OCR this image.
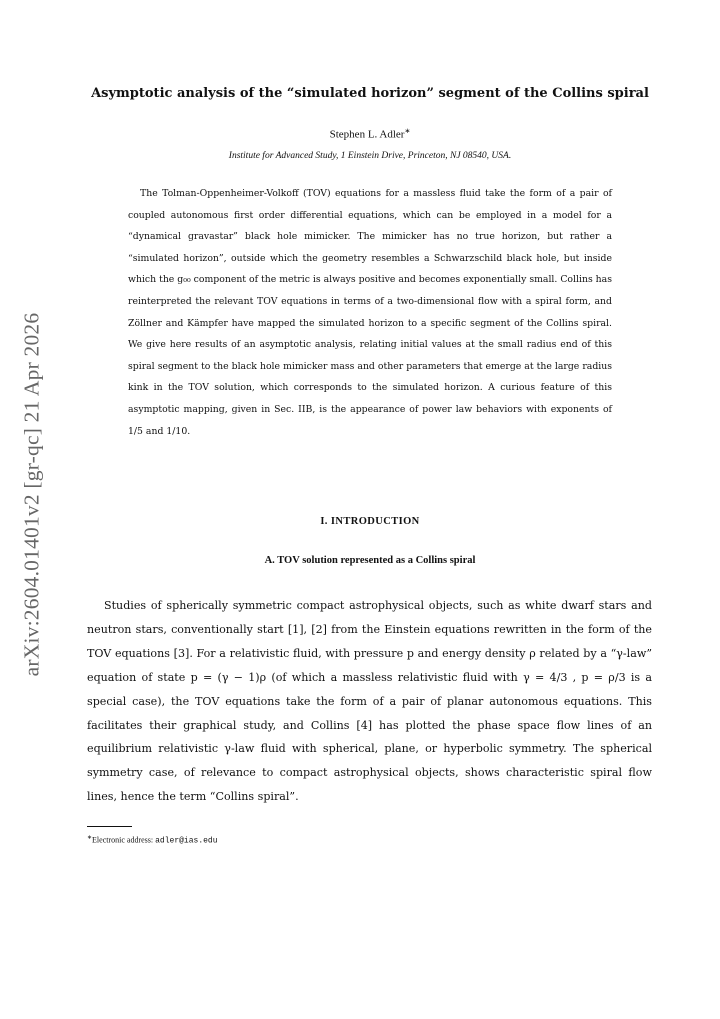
arXiv:2604.01401v2 [gr-qc] 21 Apr 2026
Asymptotic analysis of the “simulated horizon” segment of the Collins spiral
Stephen L. Adler∗
Institute for Advanced Study, 1 Einstein Drive, Princeton, NJ 08540, USA.
The Tolman-Oppenheimer-Volkoff (TOV) equations for a massless fluid take the form of a pair of coupled autonomous first order differential equations, which can be employed in a model for a “dynamical gravastar” black hole mimicker. The mimicker has no true horizon, but rather a “simulated horizon”, outside which the geometry resembles a Schwarzschild black hole, but inside which the g₀₀ component of the metric is always positive and becomes exponentially small. Collins has reinterpreted the relevant TOV equations in terms of a two-dimensional flow with a spiral form, and Zöllner and Kämpfer have mapped the simulated horizon to a specific segment of the Collins spiral. We give here results of an asymptotic analysis, relating initial values at the small radius end of this spiral segment to the black hole mimicker mass and other parameters that emerge at the large radius kink in the TOV solution, which corresponds to the simulated horizon. A curious feature of this asymptotic mapping, given in Sec. IIB, is the appearance of power law behaviors with exponents of 1/5 and 1/10.
I. INTRODUCTION
A. TOV solution represented as a Collins spiral
Studies of spherically symmetric compact astrophysical objects, such as white dwarf stars and neutron stars, conventionally start [1], [2] from the Einstein equations rewritten in the form of the TOV equations [3]. For a relativistic fluid, with pressure p and energy density ρ related by a “γ-law” equation of state p = (γ − 1)ρ (of which a massless relativistic fluid with γ = 4/3 , p = ρ/3 is a special case), the TOV equations take the form of a pair of planar autonomous equations. This facilitates their graphical study, and Collins [4] has plotted the phase space flow lines of an equilibrium relativistic γ-law fluid with spherical, plane, or hyperbolic symmetry. The spherical symmetry case, of relevance to compact astrophysical objects, shows characteristic spiral flow lines, hence the term “Collins spiral”.
∗Electronic address: adler@ias.edu
